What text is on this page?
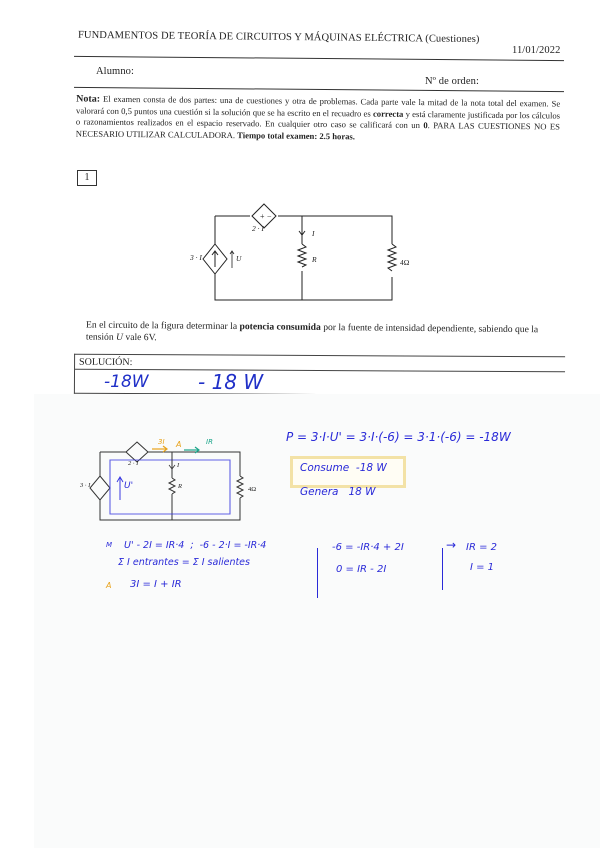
FUNDAMENTOS DE TEORÍA DE CIRCUITOS Y MÁQUINAS ELÉCTRICA (Cuestiones)
11/01/2022
Alumno:
Nº de orden:
Nota: El examen consta de dos partes: una de cuestiones y otra de problemas. Cada parte vale la mitad de la nota total del examen. Se valorará con 0,5 puntos una cuestión si la solución que se ha escrito en el recuadro es correcta y está claramente justificada por los cálculos o razonamientos realizados en el espacio reservado. En cualquier otro caso se calificará con un 0. PARA LAS CUESTIONES NO ES NECESARIO UTILIZAR CALCULADORA. Tiempo total examen: 2.5 horas.
1
+ −
2 · I
3 · I	U
I
R	4Ω
En el circuito de la figura determinar la potencia consumida por la fuente de intensidad dependiente, sabiendo que la tensión U vale 6V.
SOLUCIÓN:
-18W - 18 W
2 · I
3 · I	U'
I
R	4Ω
A
3I	IR	P = 3·I·U' = 3·I·(-6) = 3·1·(-6) = -18W
Consume  -18 W
Genera   18 W
M U' - 2I = IR·4  ;  -6 - 2·I = -IR·4
Σ I entrantes = Σ I salientes
A 3I = I + IR
-6 = -IR·4 + 2I
0 = IR - 2I
→ IR = 2
I = 1
